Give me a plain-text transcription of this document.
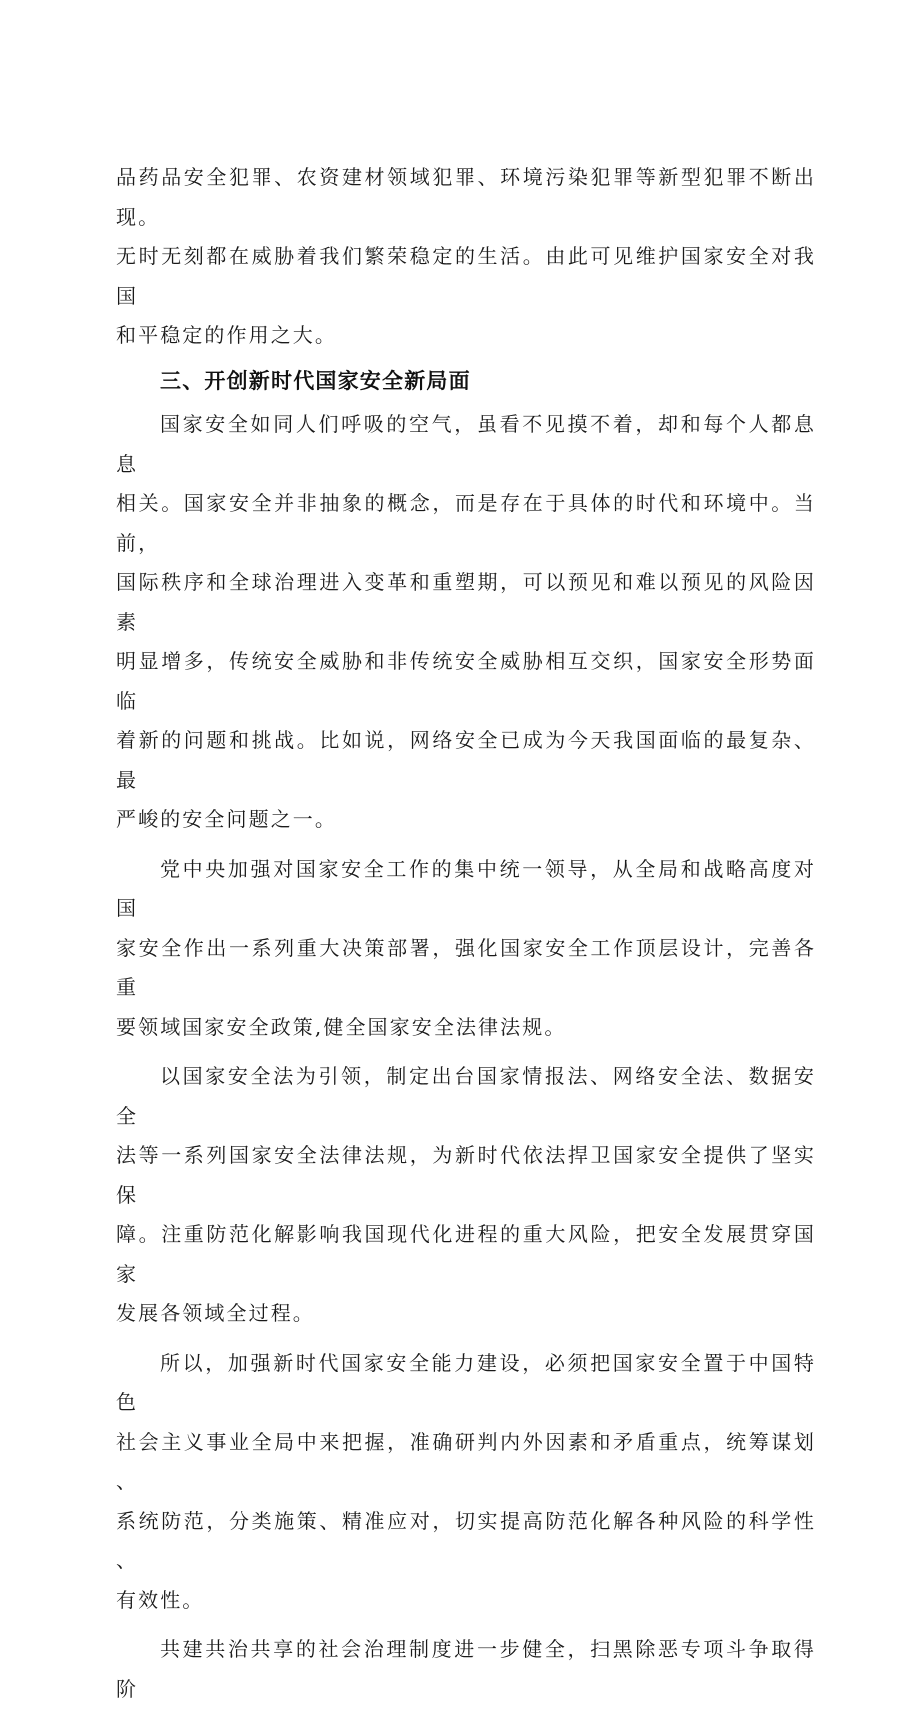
品药品安全犯罪、农资建材领域犯罪、环境污染犯罪等新型犯罪不断出现。
无时无刻都在威胁着我们繁荣稳定的生活。由此可见维护国家安全对我国
和平稳定的作用之大。

三、开创新时代国家安全新局面

国家安全如同人们呼吸的空气，虽看不见摸不着，却和每个人都息息
相关。国家安全并非抽象的概念，而是存在于具体的时代和环境中。当前，
国际秩序和全球治理进入变革和重塑期，可以预见和难以预见的风险因素
明显增多，传统安全威胁和非传统安全威胁相互交织，国家安全形势面临
着新的问题和挑战。比如说，网络安全已成为今天我国面临的最复杂、最
严峻的安全问题之一。

党中央加强对国家安全工作的集中统一领导，从全局和战略高度对国
家安全作出一系列重大决策部署，强化国家安全工作顶层设计，完善各重
要领域国家安全政策,健全国家安全法律法规。

以国家安全法为引领，制定出台国家情报法、网络安全法、数据安全
法等一系列国家安全法律法规，为新时代依法捍卫国家安全提供了坚实保
障。注重防范化解影响我国现代化进程的重大风险，把安全发展贯穿国家
发展各领域全过程。

所以，加强新时代国家安全能力建设，必须把国家安全置于中国特色
社会主义事业全局中来把握，准确研判内外因素和矛盾重点，统筹谋划、
系统防范，分类施策、精准应对，切实提高防范化解各种风险的科学性、
有效性。

共建共治共享的社会治理制度进一步健全，扫黑除恶专项斗争取得阶
